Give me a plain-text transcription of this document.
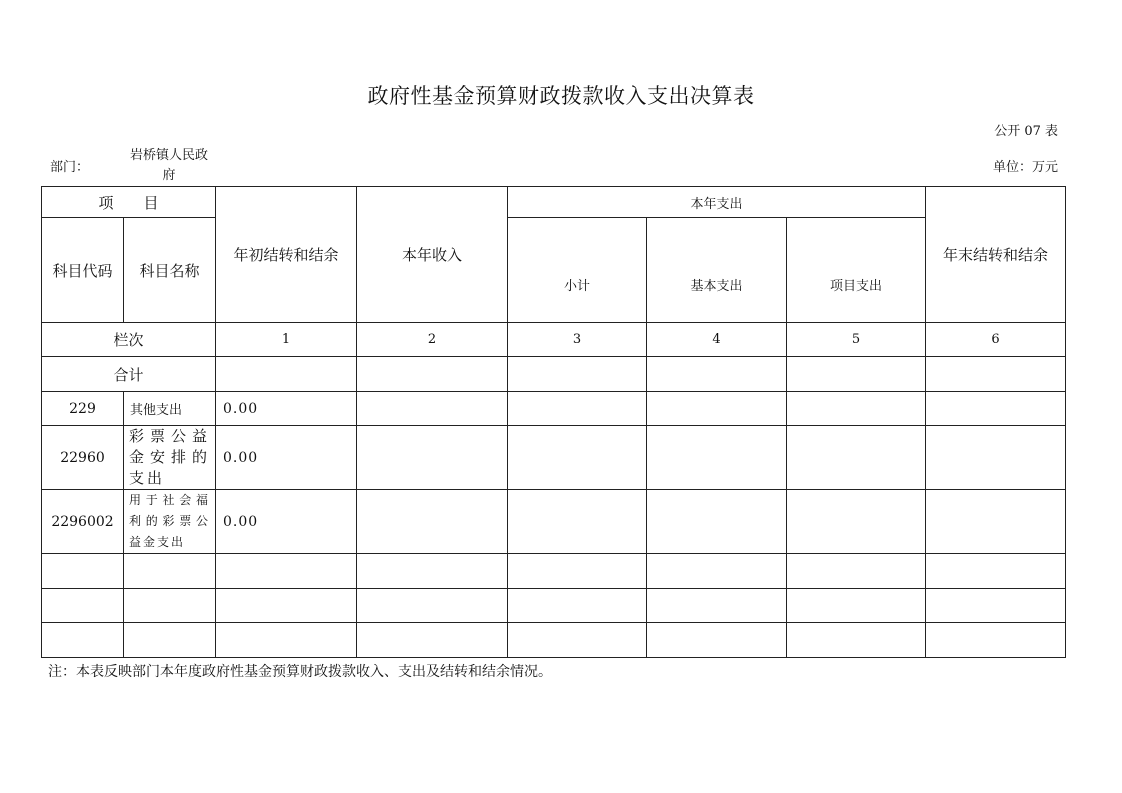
政府性基金预算财政拨款收入支出决算表
公开 07 表
部门：
岩桥镇人民政府
单位：万元
项　　目		年初结转和结余	本年收入	本年支出			年末结转和结余
科目代码	科目名称			小计	基本支出	项目支出	
栏次		1	2	3	4	5	6
合计							
229	其他支出	0.00					
22960	彩票公益金安排的支出	0.00					
2296002	用于社会福利的彩票公益金支出	0.00					

注：本表反映部门本年度政府性基金预算财政拨款收入、支出及结转和结余情况。
